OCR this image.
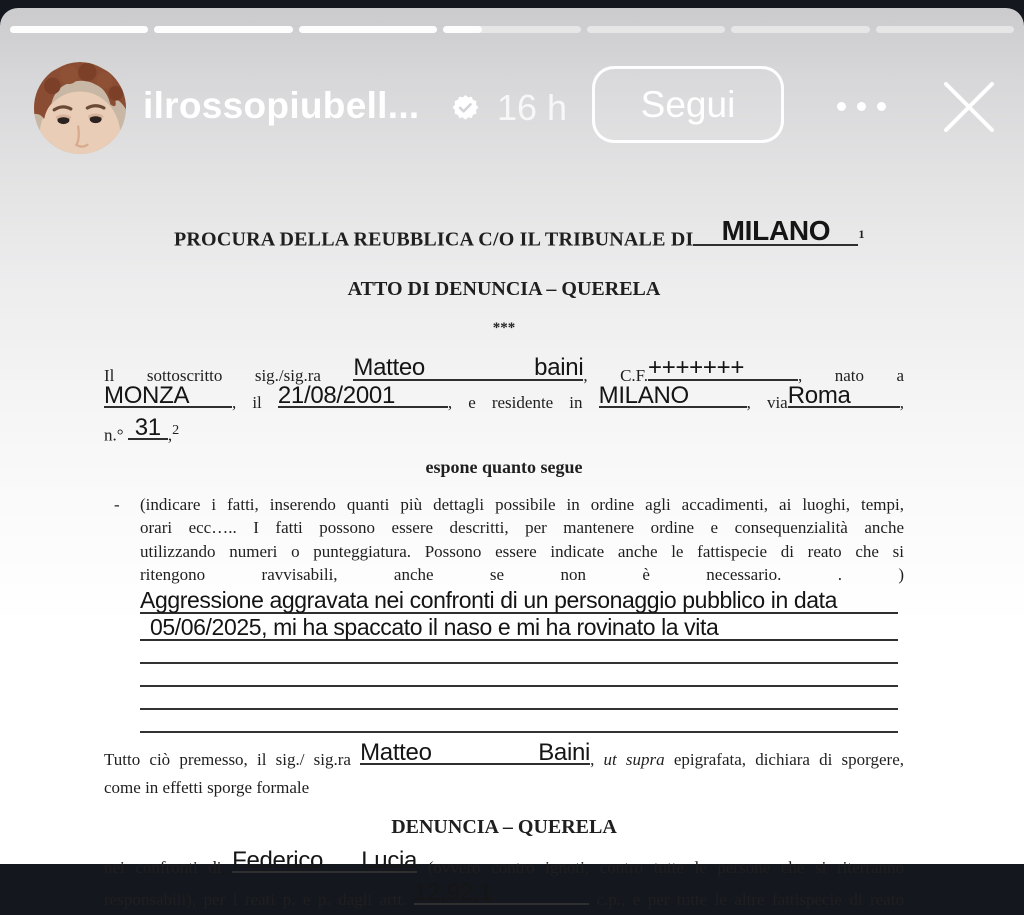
ilrossopiubell... 16 h	Segui
PROCURA DELLA REUBBLICA C/O IL TRIBUNALE DI	MILANO	$^1$
ATTO DI DENUNCIA – QUERELA
***
Il sottoscritto sig./sig.ra Matteo baini , C.F. +++++++	, nato a
MONZA	, il 21/08/2001	, e residente in MILANO	, via Roma	,
n.° 31 ,$^2$
espone quanto segue
- (indicare i fatti, inserendo quanti più dettagli possibile in ordine agli accadimenti, ai luoghi, tempi,
orari ecc….. I fatti possono essere descritti, per mantenere ordine e consequenzialità anche
utilizzando numeri o punteggiatura. Possono essere indicate anche le fattispecie di reato che si
ritengono ravvisabili, anche se non è necessario. . )
Aggressione aggravata nei confronti di un personaggio pubblico in data
05/06/2025, mi ha spaccato il naso e mi ha rovinato la vita
Tutto ciò premesso, il sig./ sig.ra Matteo Baini , ut supra epigrafata, dichiara di sporgere,
come in effetti sporge formale
DENUNCIA – QUERELA
nei confronti di Federico Lucia (ovvero contro ignoti, contro tutte le persone che si riterranno
responsabili), per i reati p. e p. dagli artt. 12,92,1	c.p., e per tutte le altre fattispecie di reato
